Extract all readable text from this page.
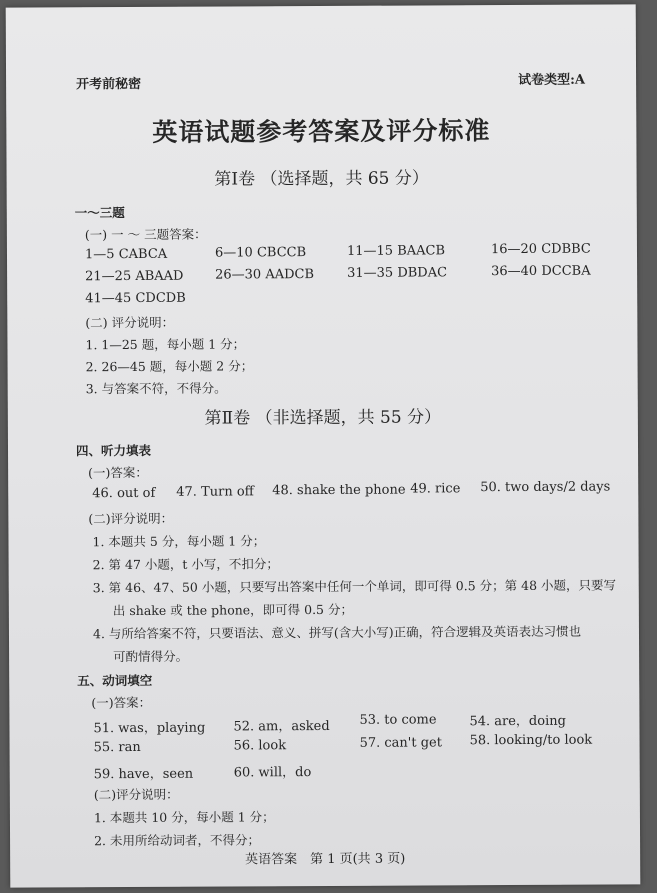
开考前秘密	试卷类型:A
英语试题参考答案及评分标准
第Ⅰ卷 （选择题，共 65 分）
一～三题
(一) 一 ～ 三题答案：
1—5 CABCA	6—10 CBCCB	11—15 BAACB	16—20 CDBBC
21—25 ABAAD 26—30 AADCB	31—35 DBDAC	36—40 DCCBA
41—45 CDCDB
(二) 评分说明：
1. 1—25 题，每小题 1 分；
2. 26—45 题，每小题 2 分；
3. 与答案不符，不得分。
第Ⅱ卷 （非选择题，共 55 分）
四、听力填表
(一)答案：
46. out of 47. Turn off 48. shake the phone 49. rice 50. two days/2 days
(二)评分说明：
1. 本题共 5 分，每小题 1 分；
2. 第 47 小题，t 小写，不扣分；
3. 第 46、47、50 小题，只要写出答案中任何一个单词，即可得 0.5 分；第 48 小题，只要写
出 shake 或 the phone，即可得 0.5 分；
4. 与所给答案不符，只要语法、意义、拼写(含大小写)正确，符合逻辑及英语表达习惯也
可酌情得分。
五、动词填空
(一)答案：
51. was，playing 52. am，asked 53. to come	54. are，doing
55. ran	56. look	57. can't get 58. looking/to look
59. have，seen	60. will，do
(二)评分说明：
1. 本题共 10 分，每小题 1 分；
2. 未用所给动词者，不得分；
英语答案　第 1 页(共 3 页)
